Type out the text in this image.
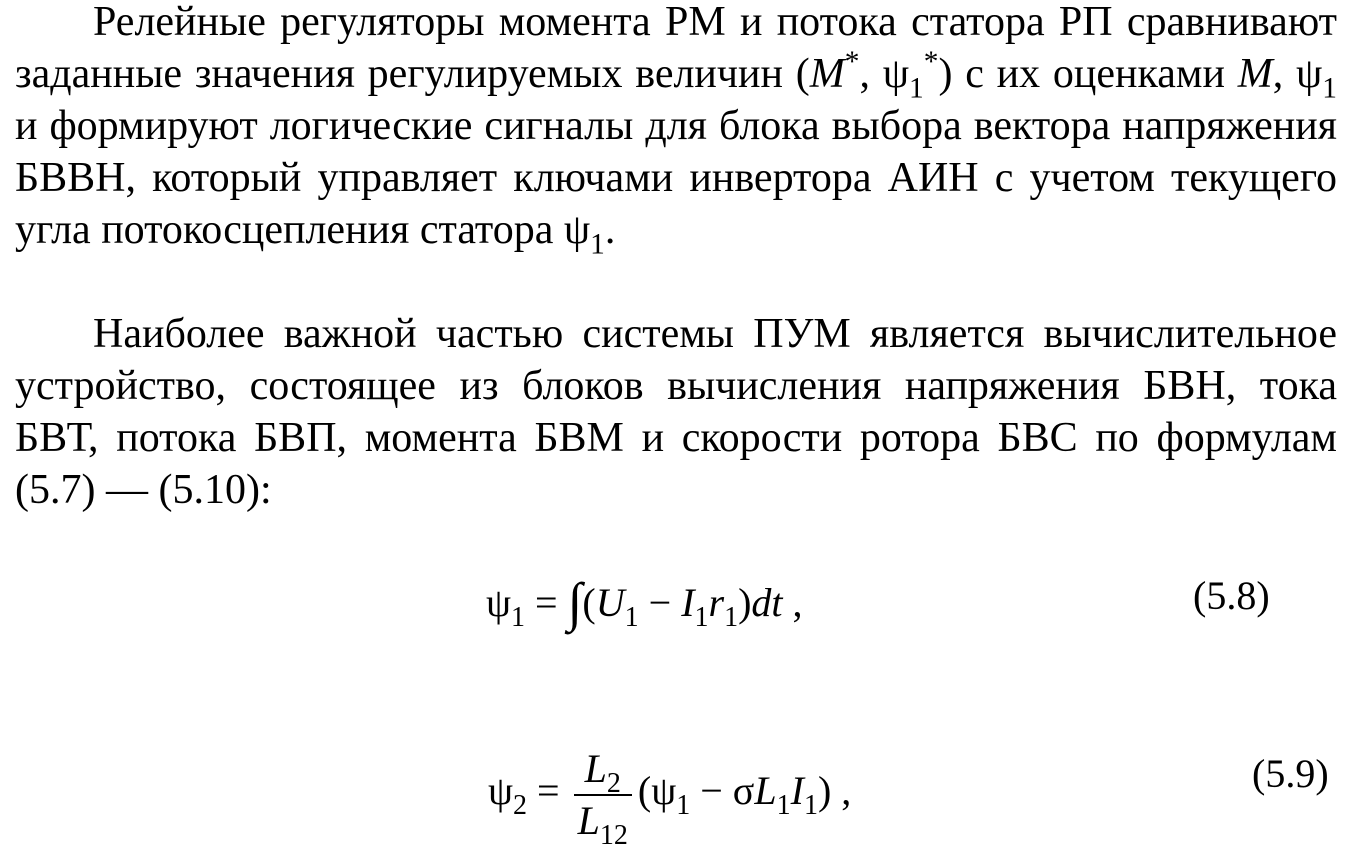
Релейные регуляторы момента РМ и потока статора РП сравнивают заданные значения регулируемых величин (M*, $\psi_1^*$) с их оценками M, $\psi_1$ и формируют логические сигналы для блока выбора вектора напряжения БВВН, который управляет ключами инвертора АИН с учетом текущего угла потокосцепления статора $\psi_1$.

Наиболее важной частью системы ПУМ является вычислительное устройство, состоящее из блоков вычисления напряжения БВН, тока БВТ, потока БВП, момента БВМ и скорости ротора БВС по формулам (5.7) — (5.10):

$\psi_1 = \int(U_1 - I_1r_1)dt$ ,	(5.8)
$\psi_2 = \frac{L_2}{L_{12}} (\psi_1 - \sigma L_1I_1)$ ,	(5.9)
